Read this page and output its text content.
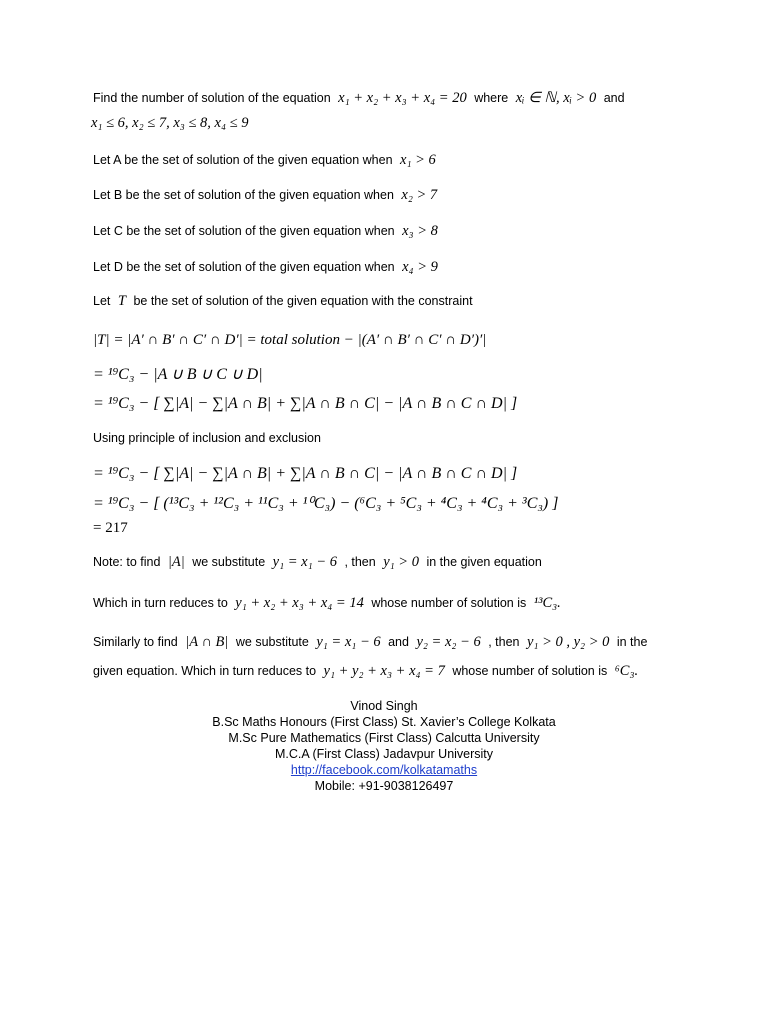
Find the number of solution of the equation x₁ + x₂ + x₃ + x₄ = 20 where xᵢ ∈ ℕ, xᵢ > 0 and
x₁ ≤ 6, x₂ ≤ 7, x₃ ≤ 8, x₄ ≤ 9
Let A be the set of solution of the given equation when x₁ > 6
Let B be the set of solution of the given equation when x₂ > 7
Let C be the set of solution of the given equation when x₃ > 8
Let D be the set of solution of the given equation when x₄ > 9
Let T be the set of solution of the given equation with the constraint
|T| = |A′ ∩ B′ ∩ C′ ∩ D′| = total solution − |(A′ ∩ B′ ∩ C′ ∩ D′)′|
= ¹⁹C₃ − |A ∪ B ∪ C ∪ D|
= ¹⁹C₃ − [ ∑|A| − ∑|A ∩ B| + ∑|A ∩ B ∩ C| − |A ∩ B ∩ C ∩ D| ]
Using principle of inclusion and exclusion
= ¹⁹C₃ − [ ∑|A| − ∑|A ∩ B| + ∑|A ∩ B ∩ C| − |A ∩ B ∩ C ∩ D| ]
= ¹⁹C₃ − [ (¹³C₃ + ¹²C₃ + ¹¹C₃ + ¹⁰C₃) − (⁶C₃ + ⁵C₃ + ⁴C₃ + ⁴C₃ + ³C₃) ]
= 217
Note: to find |A| we substitute y₁ = x₁ − 6 , then y₁ > 0 in the given equation
Which in turn reduces to y₁ + x₂ + x₃ + x₄ = 14 whose number of solution is ¹³C₃.
Similarly to find |A ∩ B| we substitute y₁ = x₁ − 6 and y₂ = x₂ − 6 , then y₁ > 0 , y₂ > 0 in the
given equation. Which in turn reduces to y₁ + y₂ + x₃ + x₄ = 7 whose number of solution is ⁶C₃.
Vinod Singh
B.Sc Maths Honours (First Class) St. Xavier’s College Kolkata
M.Sc Pure Mathematics (First Class) Calcutta University
M.C.A (First Class) Jadavpur University
http://facebook.com/kolkatamaths
Mobile: +91-9038126497
